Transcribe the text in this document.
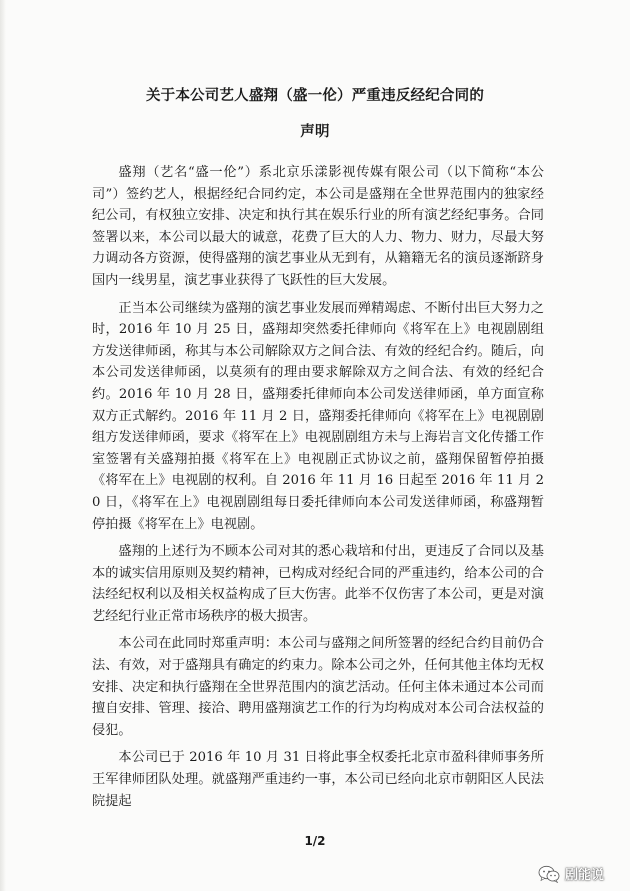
关于本公司艺人盛翔（盛一伦）严重违反经纪合同的
声明

盛翔（艺名“盛一伦”）系北京乐漾影视传媒有限公司（以下简称“本公司”）签约艺人，根据经纪合同约定，本公司是盛翔在全世界范围内的独家经纪公司，有权独立安排、决定和执行其在娱乐行业的所有演艺经纪事务。合同签署以来，本公司以最大的诚意，花费了巨大的人力、物力、财力，尽最大努力调动各方资源，使得盛翔的演艺事业从无到有，从籍籍无名的演员逐渐跻身国内一线男星，演艺事业获得了飞跃性的巨大发展。

正当本公司继续为盛翔的演艺事业发展而殚精竭虑、不断付出巨大努力之时，2016 年 10 月 25 日，盛翔却突然委托律师向《将军在上》电视剧剧组方发送律师函，称其与本公司解除双方之间合法、有效的经纪合约。随后，向本公司发送律师函，以莫须有的理由要求解除双方之间合法、有效的经纪合约。2016 年 10 月 28 日，盛翔委托律师向本公司发送律师函，单方面宣称双方正式解约。2016 年 11 月 2 日，盛翔委托律师向《将军在上》电视剧剧组方发送律师函，要求《将军在上》电视剧剧组方未与上海岩言文化传播工作室签署有关盛翔拍摄《将军在上》电视剧正式协议之前，盛翔保留暂停拍摄《将军在上》电视剧的权利。自 2016 年 11 月 16 日起至 2016 年 11 月 20 日，《将军在上》电视剧剧组每日委托律师向本公司发送律师函，称盛翔暂停拍摄《将军在上》电视剧。

盛翔的上述行为不顾本公司对其的悉心栽培和付出，更违反了合同以及基本的诚实信用原则及契约精神，已构成对经纪合同的严重违约，给本公司的合法经纪权利以及相关权益构成了巨大伤害。此举不仅伤害了本公司，更是对演艺经纪行业正常市场秩序的极大损害。

本公司在此同时郑重声明：本公司与盛翔之间所签署的经纪合约目前仍合法、有效，对于盛翔具有确定的约束力。除本公司之外，任何其他主体均无权安排、决定和执行盛翔在全世界范围内的演艺活动。任何主体未通过本公司而擅自安排、管理、接洽、聘用盛翔演艺工作的行为均构成对本公司合法权益的侵犯。

本公司已于 2016 年 10 月 31 日将此事全权委托北京市盈科律师事务所王军律师团队处理。就盛翔严重违约一事，本公司已经向北京市朝阳区人民法院提起

1/2
剧能说
